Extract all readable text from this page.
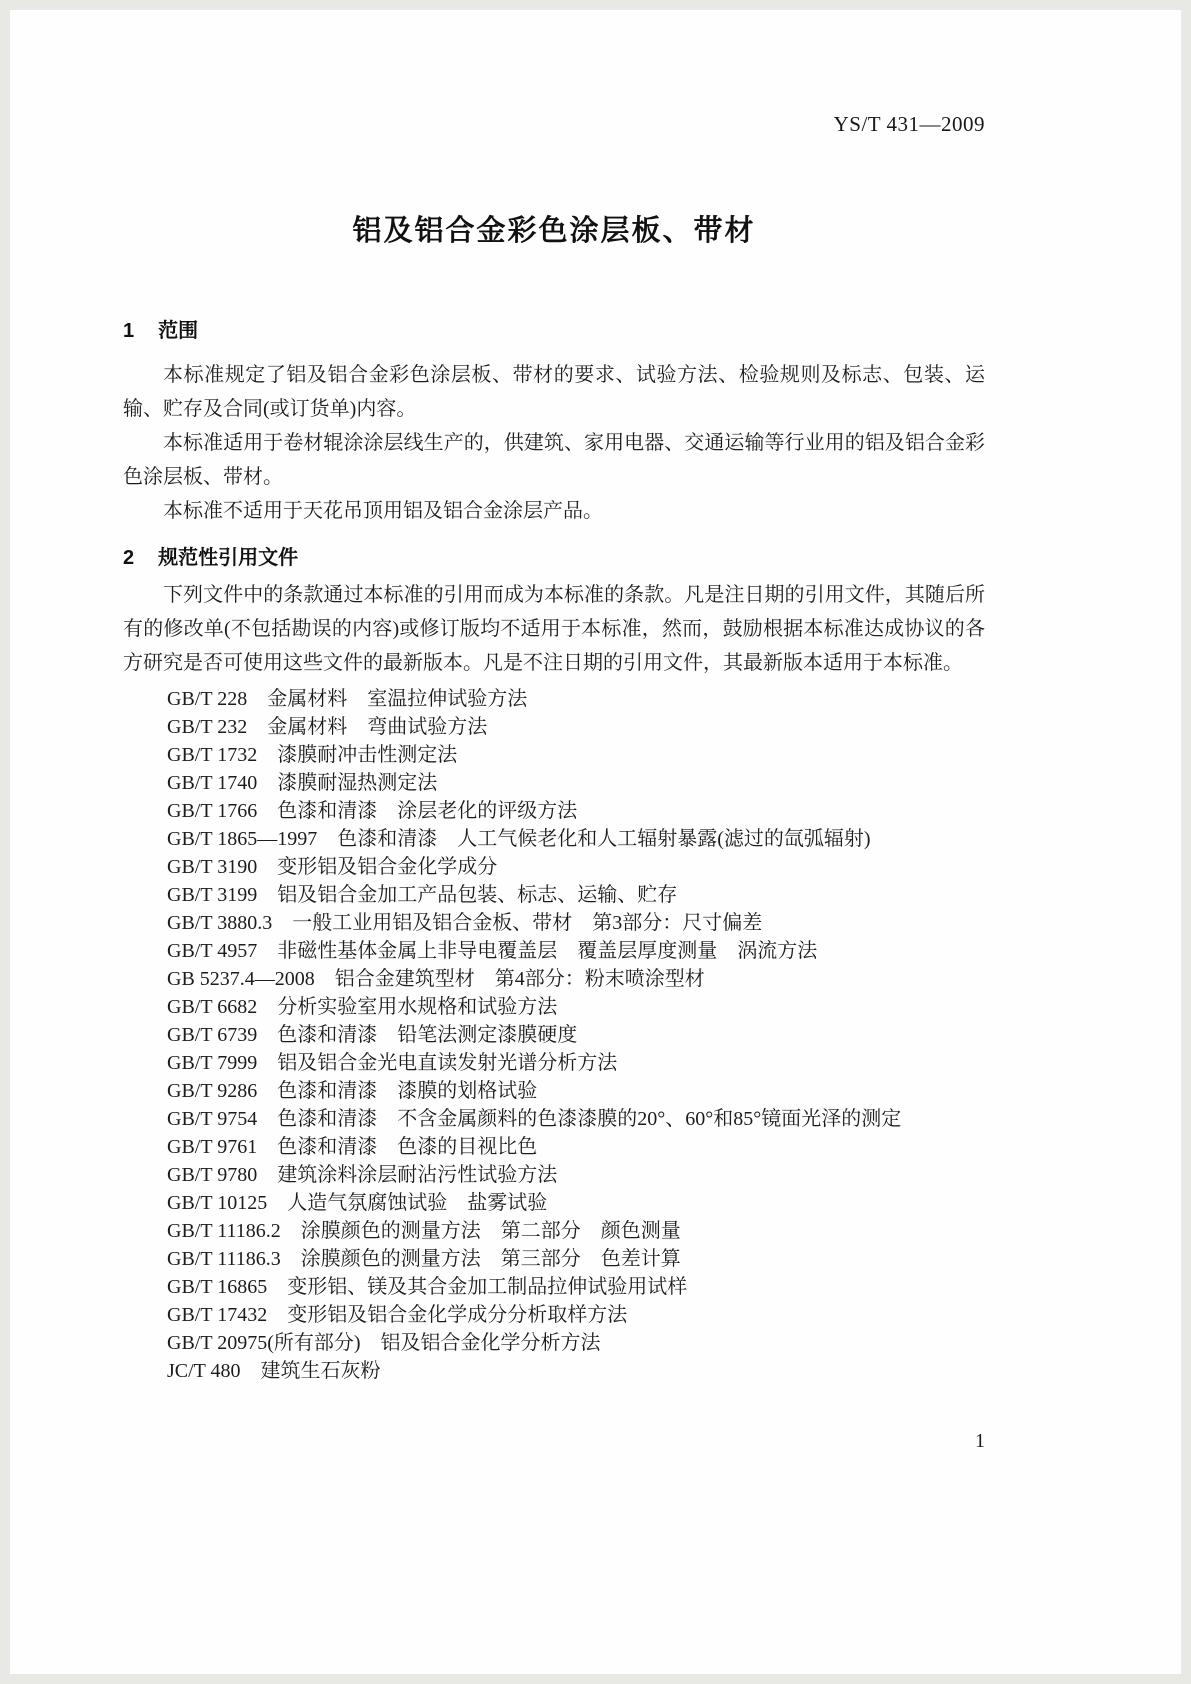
YS/T 431—2009
铝及铝合金彩色涂层板、带材
1 范围

本标准规定了铝及铝合金彩色涂层板、带材的要求、试验方法、检验规则及标志、包装、运输、贮存及合同(或订货单)内容。

本标准适用于卷材辊涂涂层线生产的，供建筑、家用电器、交通运输等行业用的铝及铝合金彩色涂层板、带材。

本标准不适用于天花吊顶用铝及铝合金涂层产品。

2 规范性引用文件

下列文件中的条款通过本标准的引用而成为本标准的条款。凡是注日期的引用文件，其随后所有的修改单(不包括勘误的内容)或修订版均不适用于本标准，然而，鼓励根据本标准达成协议的各方研究是否可使用这些文件的最新版本。凡是不注日期的引用文件，其最新版本适用于本标准。

GB/T 228　金属材料　室温拉伸试验方法
GB/T 232　金属材料　弯曲试验方法
GB/T 1732　漆膜耐冲击性测定法
GB/T 1740　漆膜耐湿热测定法
GB/T 1766　色漆和清漆　涂层老化的评级方法
GB/T 1865—1997　色漆和清漆　人工气候老化和人工辐射暴露(滤过的氙弧辐射)
GB/T 3190　变形铝及铝合金化学成分
GB/T 3199　铝及铝合金加工产品包装、标志、运输、贮存
GB/T 3880.3　一般工业用铝及铝合金板、带材　第3部分：尺寸偏差
GB/T 4957　非磁性基体金属上非导电覆盖层　覆盖层厚度测量　涡流方法
GB 5237.4—2008　铝合金建筑型材　第4部分：粉末喷涂型材
GB/T 6682　分析实验室用水规格和试验方法
GB/T 6739　色漆和清漆　铅笔法测定漆膜硬度
GB/T 7999　铝及铝合金光电直读发射光谱分析方法
GB/T 9286　色漆和清漆　漆膜的划格试验
GB/T 9754　色漆和清漆　不含金属颜料的色漆漆膜的20°、60°和85°镜面光泽的测定
GB/T 9761　色漆和清漆　色漆的目视比色
GB/T 9780　建筑涂料涂层耐沾污性试验方法
GB/T 10125　人造气氛腐蚀试验　盐雾试验
GB/T 11186.2　涂膜颜色的测量方法　第二部分　颜色测量
GB/T 11186.3　涂膜颜色的测量方法　第三部分　色差计算
GB/T 16865　变形铝、镁及其合金加工制品拉伸试验用试样
GB/T 17432　变形铝及铝合金化学成分分析取样方法
GB/T 20975(所有部分)　铝及铝合金化学分析方法
JC/T 480　建筑生石灰粉
1
